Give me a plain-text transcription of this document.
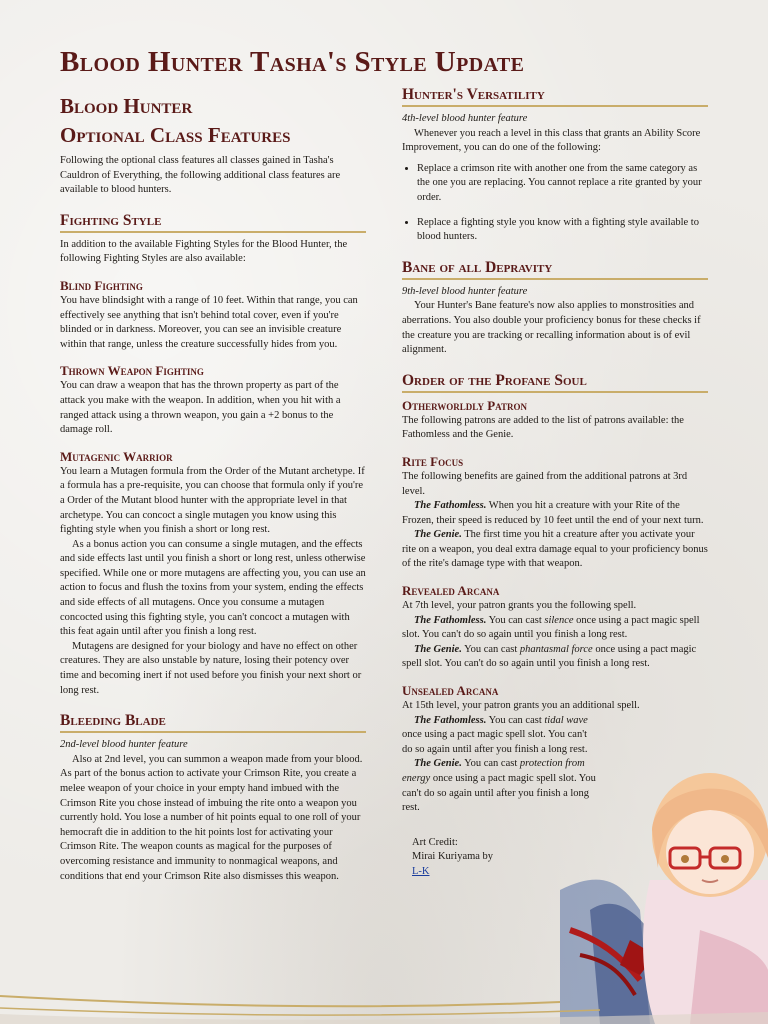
Blood Hunter Tasha's Style Update
Blood Hunter
Optional Class Features

Following the optional class features all classes gained in Tasha's Cauldron of Everything, the following additional class features are available to blood hunters.

Fighting Style

In addition to the available Fighting Styles for the Blood Hunter, the following Fighting Styles are also available:

Blind Fighting

You have blindsight with a range of 10 feet. Within that range, you can effectively see anything that isn't behind total cover, even if you're blinded or in darkness. Moreover, you can see an invisible creature within that range, unless the creature successfully hides from you.

Thrown Weapon Fighting

You can draw a weapon that has the thrown property as part of the attack you make with the weapon. In addition, when you hit with a ranged attack using a thrown weapon, you gain a +2 bonus to the damage roll.

Mutagenic Warrior

You learn a Mutagen formula from the Order of the Mutant archetype. If a formula has a pre-requisite, you can choose that formula only if you're a Order of the Mutant blood hunter with the appropriate level in that archetype. You can concoct a single mutagen you know using this fighting style when you finish a short or long rest.

As a bonus action you can consume a single mutagen, and the effects and side effects last until you finish a short or long rest, unless otherwise specified. While one or more mutagens are affecting you, you can use an action to focus and flush the toxins from your system, ending the effects and side effects of all mutagens. Once you consume a mutagen concocted using this fighting style, you can't concoct a mutagen with this feat again until after you finish a long rest.

Mutagens are designed for your biology and have no effect on other creatures. They are also unstable by nature, losing their potency over time and becoming inert if not used before you finish your next short or long rest.

Bleeding Blade

2nd-level blood hunter feature

Also at 2nd level, you can summon a weapon made from your blood. As part of the bonus action to activate your Crimson Rite, you create a melee weapon of your choice in your empty hand imbued with the Crimson Rite you chose instead of imbuing the rite onto a weapon you currently hold. You lose a number of hit points equal to one roll of your hemocraft die in addition to the hit points lost for activating your Crimson Rite. The weapon counts as magical for the purposes of overcoming resistance and immunity to nonmagical weapons, and conditions that end your Crimson Rite also dismisses this weapon.

Hunter's Versatility

4th-level blood hunter feature

Whenever you reach a level in this class that grants an Ability Score Improvement, you can do one of the following:

• Replace a crimson rite with another one from the same category as the one you are replacing. You cannot replace a rite granted by your order.
• Replace a fighting style you know with a fighting style available to blood hunters.
Bane of all Depravity

9th-level blood hunter feature

Your Hunter's Bane feature's now also applies to monstrosities and aberrations. You also double your proficiency bonus for these checks if the creature you are tracking or recalling information about is of evil alignment.

Order of the Profane Soul
Otherworldly Patron

The following patrons are added to the list of patrons available: the Fathomless and the Genie.

Rite Focus

The following benefits are gained from the additional patrons at 3rd level.

The Fathomless. When you hit a creature with your Rite of the Frozen, their speed is reduced by 10 feet until the end of your next turn.

The Genie. The first time you hit a creature after you activate your rite on a weapon, you deal extra damage equal to your proficiency bonus of the rite's damage type with that weapon.

Revealed Arcana

At 7th level, your patron grants you the following spell.

The Fathomless. You can cast silence once using a pact magic spell slot. You can't do so again until you finish a long rest.

The Genie. You can cast phantasmal force once using a pact magic spell slot. You can't do so again until you finish a long rest.

Unsealed Arcana

At 15th level, your patron grants you an additional spell.

The Fathomless. You can cast tidal wave once using a pact magic spell slot. You can't do so again until after you finish a long rest.

The Genie. You can cast protection from energy once using a pact magic spell slot. You can't do so again until after you finish a long rest.

Art Credit:
Mirai Kuriyama by
L-K
